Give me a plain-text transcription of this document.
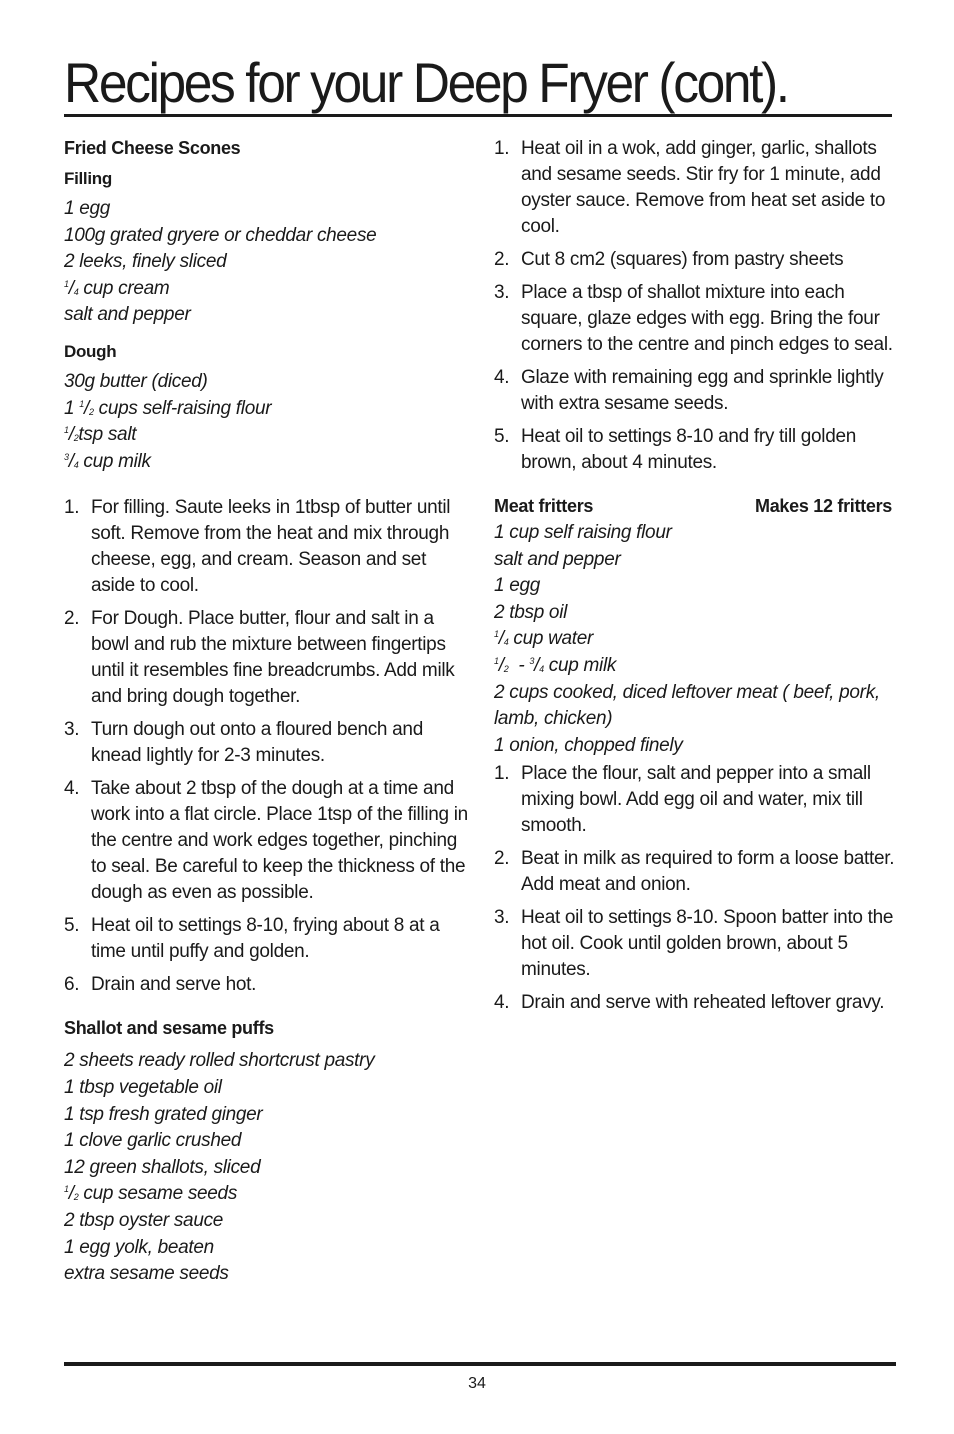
Recipes for your Deep Fryer (cont).
Fried Cheese Scones
Filling
1 egg
100g grated gryere or cheddar cheese
2 leeks, finely sliced
$^1/_4$ cup cream
salt and pepper
Dough
30g butter (diced)
1 $^1/_2$ cups self-raising flour
$^1/_2tsp$ salt
$^3/_4$ cup milk
1. For filling. Saute leeks in 1tbsp of butter until soft. Remove from the heat and mix through cheese, egg, and cream. Season and set aside to cool.
2. For Dough. Place butter, flour and salt in a bowl and rub the mixture between fingertips until it resembles fine breadcrumbs. Add milk and bring dough together.
3. Turn dough out onto a floured bench and knead lightly for 2-3 minutes.
4. Take about 2 tbsp of the dough at a time and work into a flat circle. Place 1tsp of the filling in the centre and work edges together, pinching to seal. Be careful to keep the thickness of the dough as even as possible.
5. Heat oil to settings 8-10, frying about 8 at a time until puffy and golden.
6. Drain and serve hot.
Shallot and sesame puffs
2 sheets ready rolled shortcrust pastry
1 tbsp vegetable oil
1 tsp fresh grated ginger
1 clove garlic crushed
12 green shallots, sliced
$^1/_2$ cup sesame seeds
2 tbsp oyster sauce
1 egg yolk, beaten
extra sesame seeds
1. Heat oil in a wok, add ginger, garlic, shallots and sesame seeds. Stir fry for 1 minute, add oyster sauce. Remove from heat set aside to cool.
2. Cut 8 cm2 (squares) from pastry sheets
3. Place a tbsp of shallot mixture into each square, glaze edges with egg. Bring the four corners to the centre and pinch edges to seal.
4. Glaze with remaining egg and sprinkle lightly with extra sesame seeds.
5. Heat oil to settings 8-10 and fry till golden brown, about 4 minutes.
Meat fritters	Makes 12 fritters
1 cup self raising flour
salt and pepper
1 egg
2 tbsp oil
$^1/_4$ cup water
$^1/_2 - ^3/_4$ cup milk
2 cups cooked, diced leftover meat ( beef, pork, lamb, chicken)
1 onion, chopped finely
1. Place the flour, salt and pepper into a small mixing bowl. Add egg oil and water, mix till smooth.
2. Beat in milk as required to form a loose batter. Add meat and onion.
3. Heat oil to settings 8-10. Spoon batter into the hot oil. Cook until golden brown, about 5 minutes.
4. Drain and serve with reheated leftover gravy.
34
